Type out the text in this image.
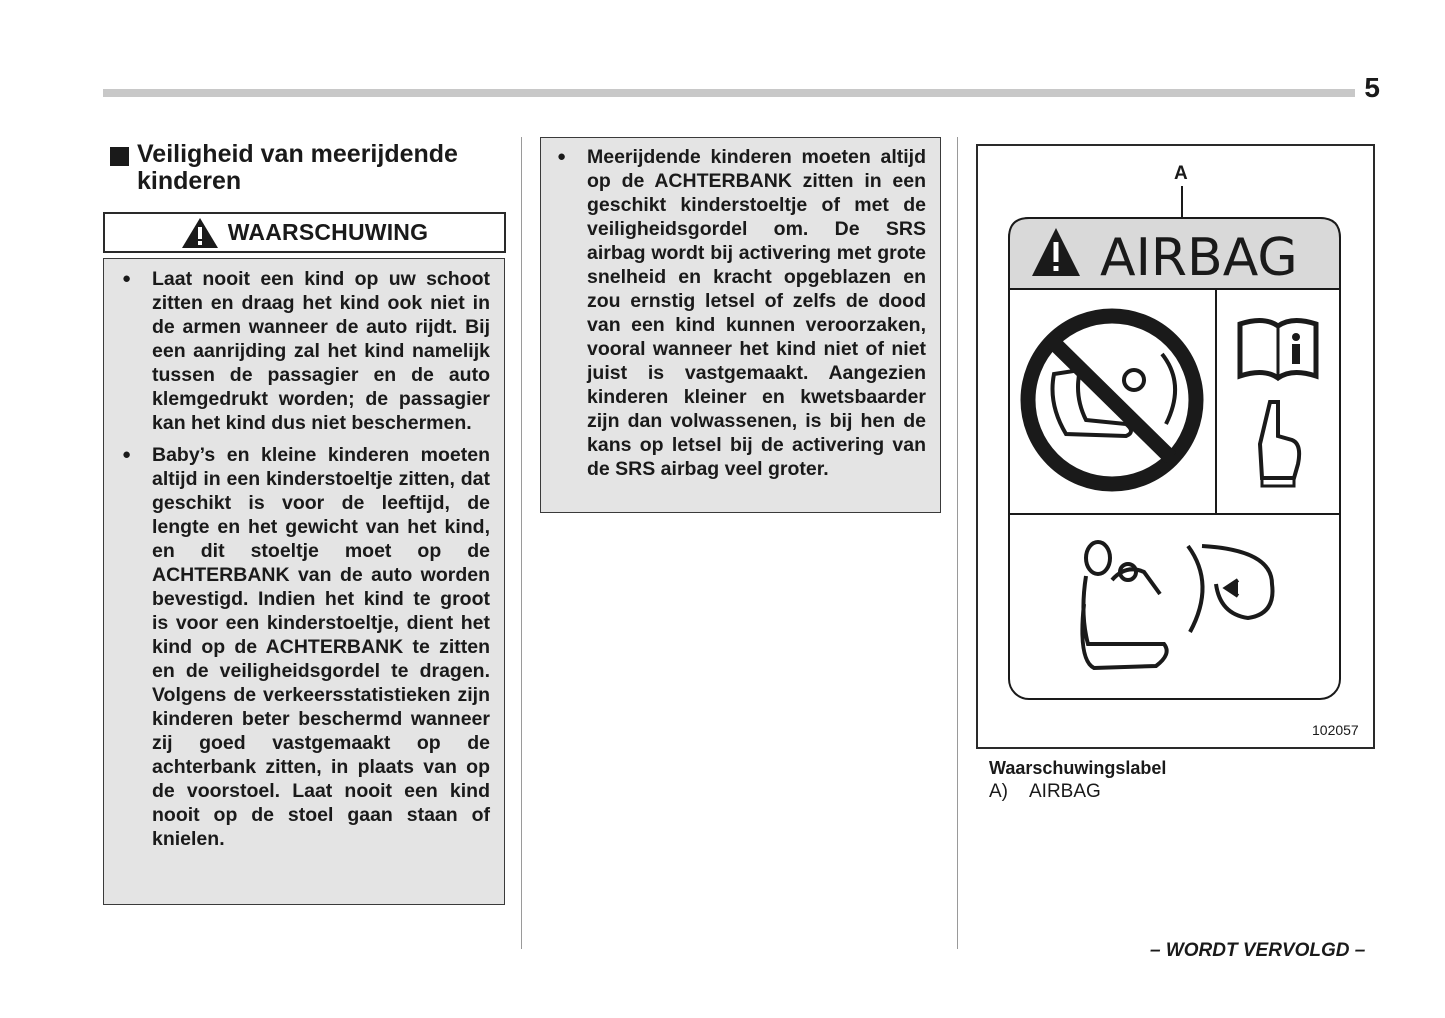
5
Veiligheid van meerijdende kinderen
WAARSCHUWING
●	Laat nooit een kind op uw schoot zitten en draag het kind ook niet in de armen wanneer de auto rijdt. Bij een aanrijding zal het kind namelijk tussen de passagier en de auto klemgedrukt worden; de passagier kan het kind dus niet beschermen.
●	Baby’s en kleine kinderen moeten altijd in een kinderstoeltje zitten, dat geschikt is voor de leeftijd, de lengte en het gewicht van het kind, en dit stoeltje moet op de ACHTERBANK van de auto worden bevestigd. Indien het kind te groot is voor een kinderstoeltje, dient het kind op de ACHTERBANK te zitten en de veiligheidsgordel te dragen. Volgens de verkeersstatistieken zijn kinderen beter beschermd wanneer zij goed vastgemaakt op de achterbank zitten, in plaats van op de voorstoel. Laat nooit een kind nooit op de stoel gaan staan of knielen.
●	Meerijdende kinderen moeten altijd op de ACHTERBANK zitten in een geschikt kinderstoeltje of met de veiligheidsgordel om. De SRS airbag wordt bij activering met grote snelheid en kracht opgeblazen en zou ernstig letsel of zelfs de dood van een kind kunnen veroorzaken, vooral wanneer het kind niet of niet juist is vastgemaakt. Aangezien kinderen kleiner en kwetsbaarder zijn dan volwassenen, is bij hen de kans op letsel bij de activering van de SRS airbag veel groter.
A
AIRBAG
102057
Waarschuwingslabel
A) AIRBAG
– WORDT VERVOLGD –
